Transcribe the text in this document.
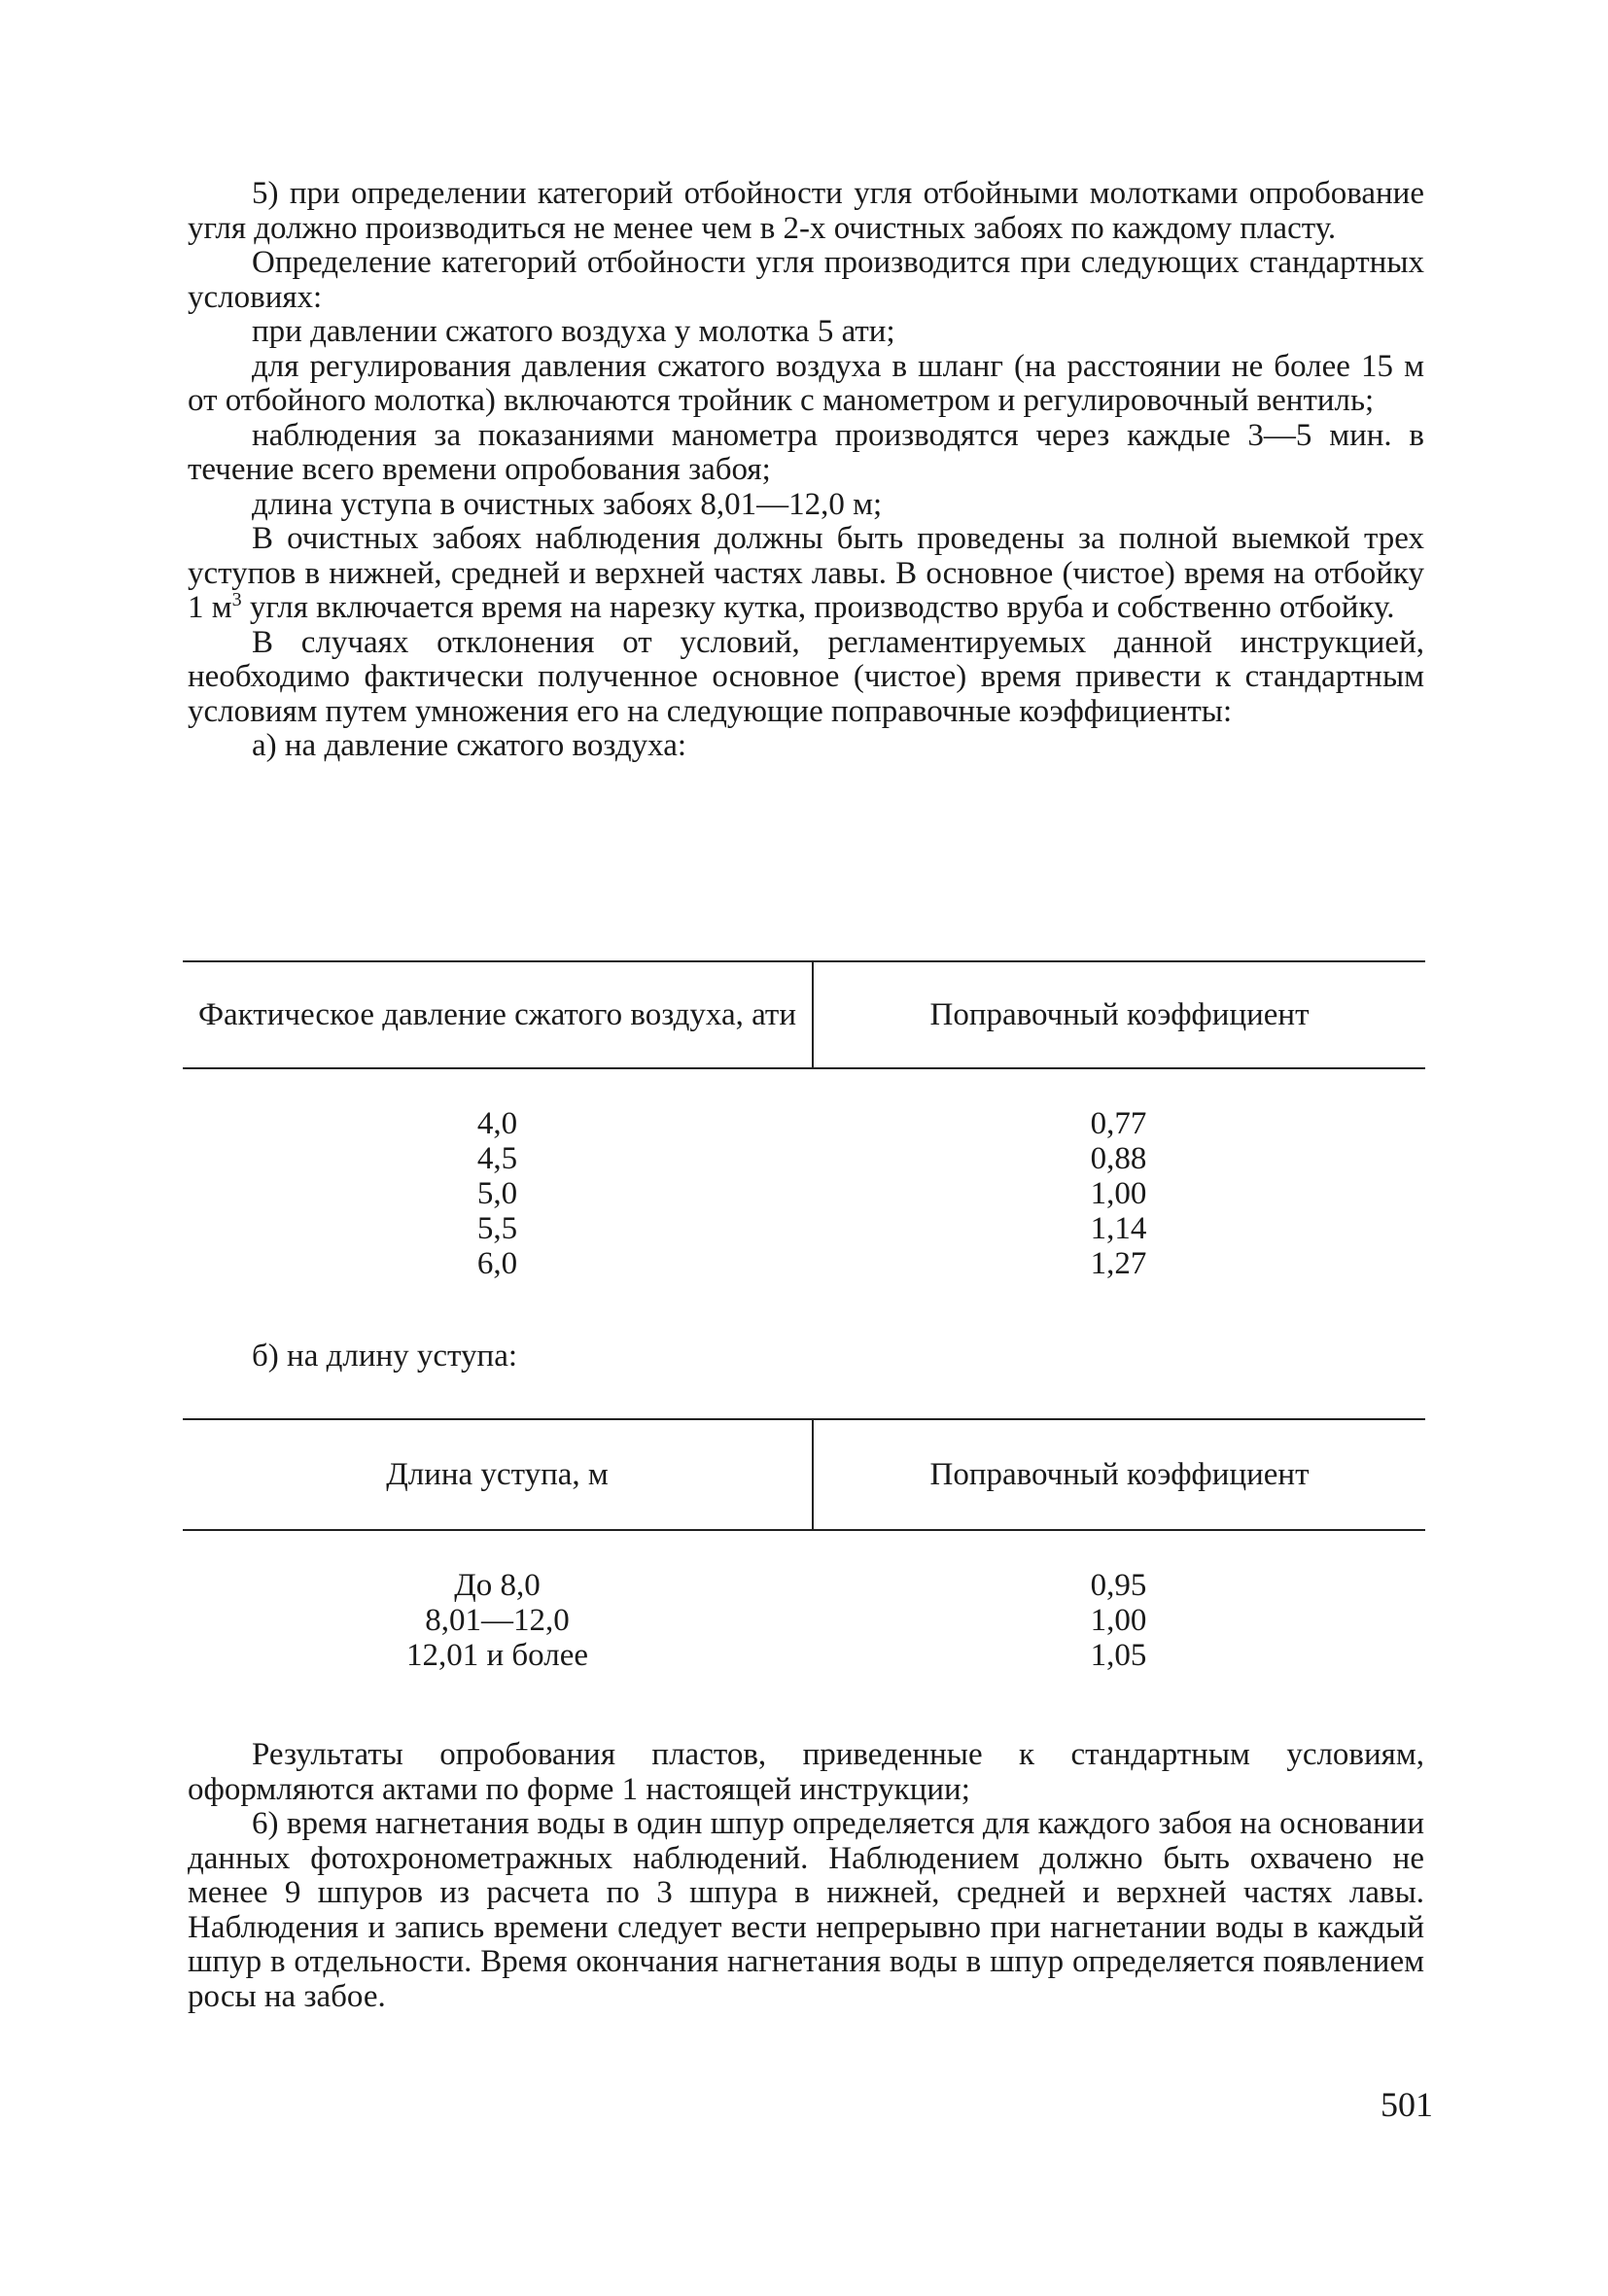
5) при определении категорий отбойности угля отбойными молотками опробование угля должно производиться не менее чем в 2-х очистных забоях по каждому пласту.

Определение категорий отбойности угля производится при следующих стандартных условиях:

при давлении сжатого воздуха у молотка 5 ати;

для регулирования давления сжатого воздуха в шланг (на расстоянии не более 15 м от отбойного молотка) включаются тройник с манометром и регулировочный вентиль;

наблюдения за показаниями манометра производятся через каждые 3—5 мин. в течение всего времени опробования забоя;

длина уступа в очистных забоях 8,01—12,0 м;

В очистных забоях наблюдения должны быть проведены за полной выемкой трех уступов в нижней, средней и верхней частях лавы. В основное (чистое) время на отбойку 1 $м^3$ угля включается время на нарезку кутка, производство вруба и собственно отбойку.

В случаях отклонения от условий, регламентируемых данной инструкцией, необходимо фактически полученное основное (чистое) время привести к стандартным условиям путем умножения его на следующие поправочные коэффициенты:

а) на давление сжатого воздуха:

Фактическое давление сжатого воздуха, ати	Поправочный коэффициент
4,0
4,5
5,0
5,5
6,0
0,77
0,88
1,00
1,14
1,27

б) на длину уступа:

Длина уступа, м	Поправочный коэффициент
До 8,0
8,01—12,0
12,01 и более
0,95
1,00
1,05

Результаты опробования пластов, приведенные к стандартным условиям, оформляются актами по форме 1 настоящей инструкции;

6) время нагнетания воды в один шпур определяется для каждого забоя на основании данных фотохронометражных наблюдений. Наблюдением должно быть охвачено не менее 9 шпуров из расчета по 3 шпура в нижней, средней и верхней частях лавы. Наблюдения и запись времени следует вести непрерывно при нагнетании воды в каждый шпур в отдельности. Время окончания нагнетания воды в шпур определяется появлением росы на забое.

501
